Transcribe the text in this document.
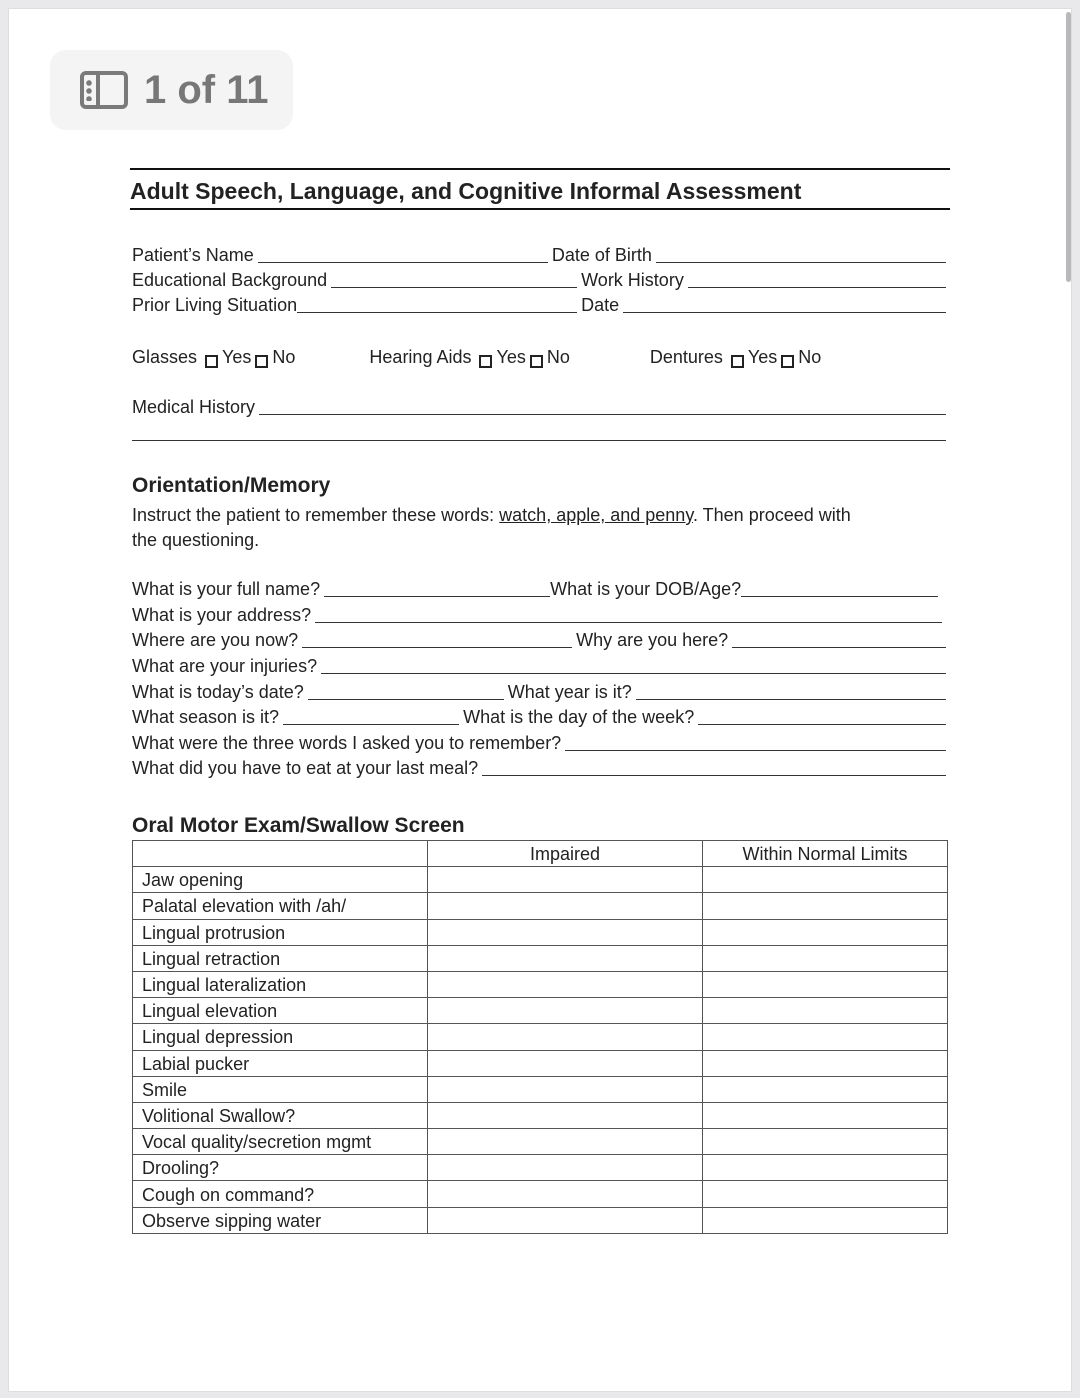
1 of 11
Adult Speech, Language, and Cognitive Informal Assessment
Patient’s Name	Date of Birth
Educational Background	Work History
Prior Living Situation	Date
Glasses Yes No	Hearing Aids Yes No	Dentures Yes No
Medical History
Orientation/Memory
Instruct the patient to remember these words: watch, apple, and penny. Then proceed with
the questioning.
What is your full name?	What is your DOB/Age?
What is your address?
Where are you now?	Why are you here?
What are your injuries?
What is today’s date?	What year is it?
What season is it?	What is the day of the week?
What were the three words I asked you to remember?
What did you have to eat at your last meal?
Oral Motor Exam/Swallow Screen
	Impaired	Within Normal Limits
Jaw opening		
Palatal elevation with /ah/		
Lingual protrusion		
Lingual retraction		
Lingual lateralization		
Lingual elevation		
Lingual depression		
Labial pucker		
Smile		
Volitional Swallow?		
Vocal quality/secretion mgmt		
Drooling?		
Cough on command?		
Observe sipping water		
